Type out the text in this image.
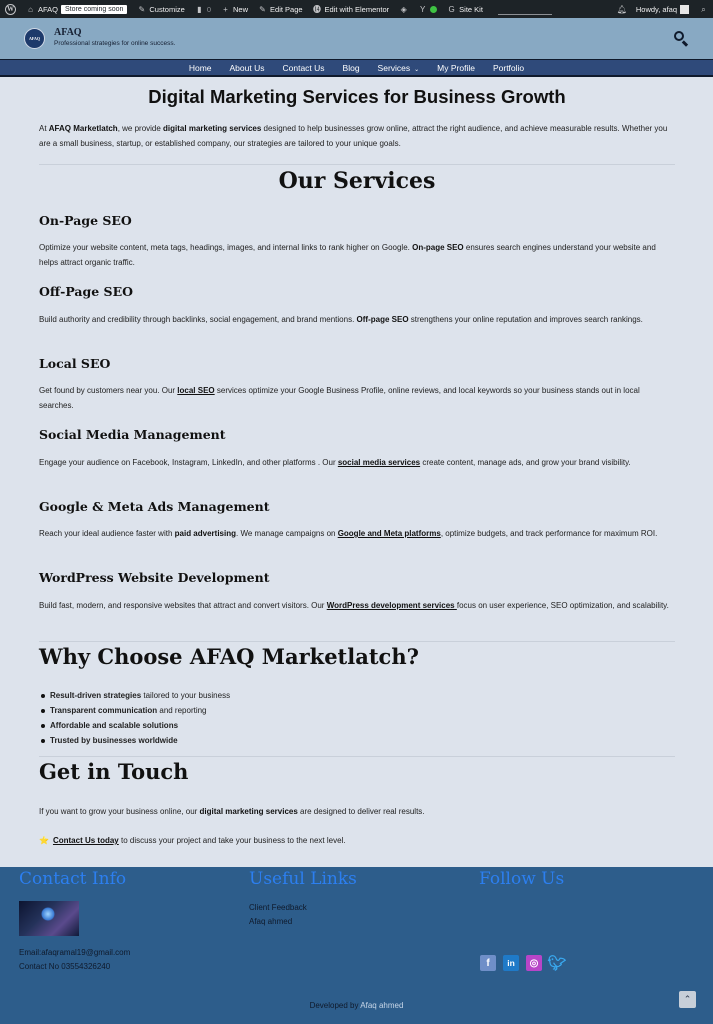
W ⌂ AFAQ	Store coming soon	✎ Customize ▮ 0 + New ✎ Edit Page ⓮ Edit with Elementor ◈ Y	G Site Kit	🔔︎ Howdy, afaq	⌕
AFAQ
AFAQ
Professional strategies for online success.
Home About Us Contact Us Blog Services ⌄ My Profile Portfolio
Digital Marketing Services for Business Growth

At AFAQ Marketlatch, we provide digital marketing services designed to help businesses grow online, attract the right audience, and achieve measurable results. Whether you are a small business, startup, or established company, our strategies are tailored to your unique goals.

Our Services
On-Page SEO

Optimize your website content, meta tags, headings, images, and internal links to rank higher on Google. On-page SEO ensures search engines understand your website and helps attract organic traffic.

Off-Page SEO

Build authority and credibility through backlinks, social engagement, and brand mentions. Off-page SEO strengthens your online reputation and improves search rankings.

Local SEO

Get found by customers near you. Our local SEO services optimize your Google Business Profile, online reviews, and local keywords so your business stands out in local searches.

Social Media Management

Engage your audience on Facebook, Instagram, LinkedIn, and other platforms . Our social media services create content, manage ads, and grow your brand visibility.

Google & Meta Ads Management

Reach your ideal audience faster with paid advertising. We manage campaigns on Google and Meta platforms, optimize budgets, and track performance for maximum ROI.

WordPress Website Development

Build fast, modern, and responsive websites that attract and convert visitors. Our WordPress development services focus on user experience, SEO optimization, and scalability.

Why Choose AFAQ Marketlatch?
Result-driven strategies tailored to your business
Transparent communication and reporting
Affordable and scalable solutions
Trusted by businesses worldwide
Get in Touch

If you want to grow your business online, our digital marketing services are designed to deliver real results.

⭐ Contact Us today to discuss your project and take your business to the next level.

Contact Info
Email:afaqramal19@gmail.com
Contact No 03554326240
Useful Links
Client Feedback
Afaq ahmed
Follow Us
f	in	◎ 🐦︎
⌃
Developed by Afaq ahmed
